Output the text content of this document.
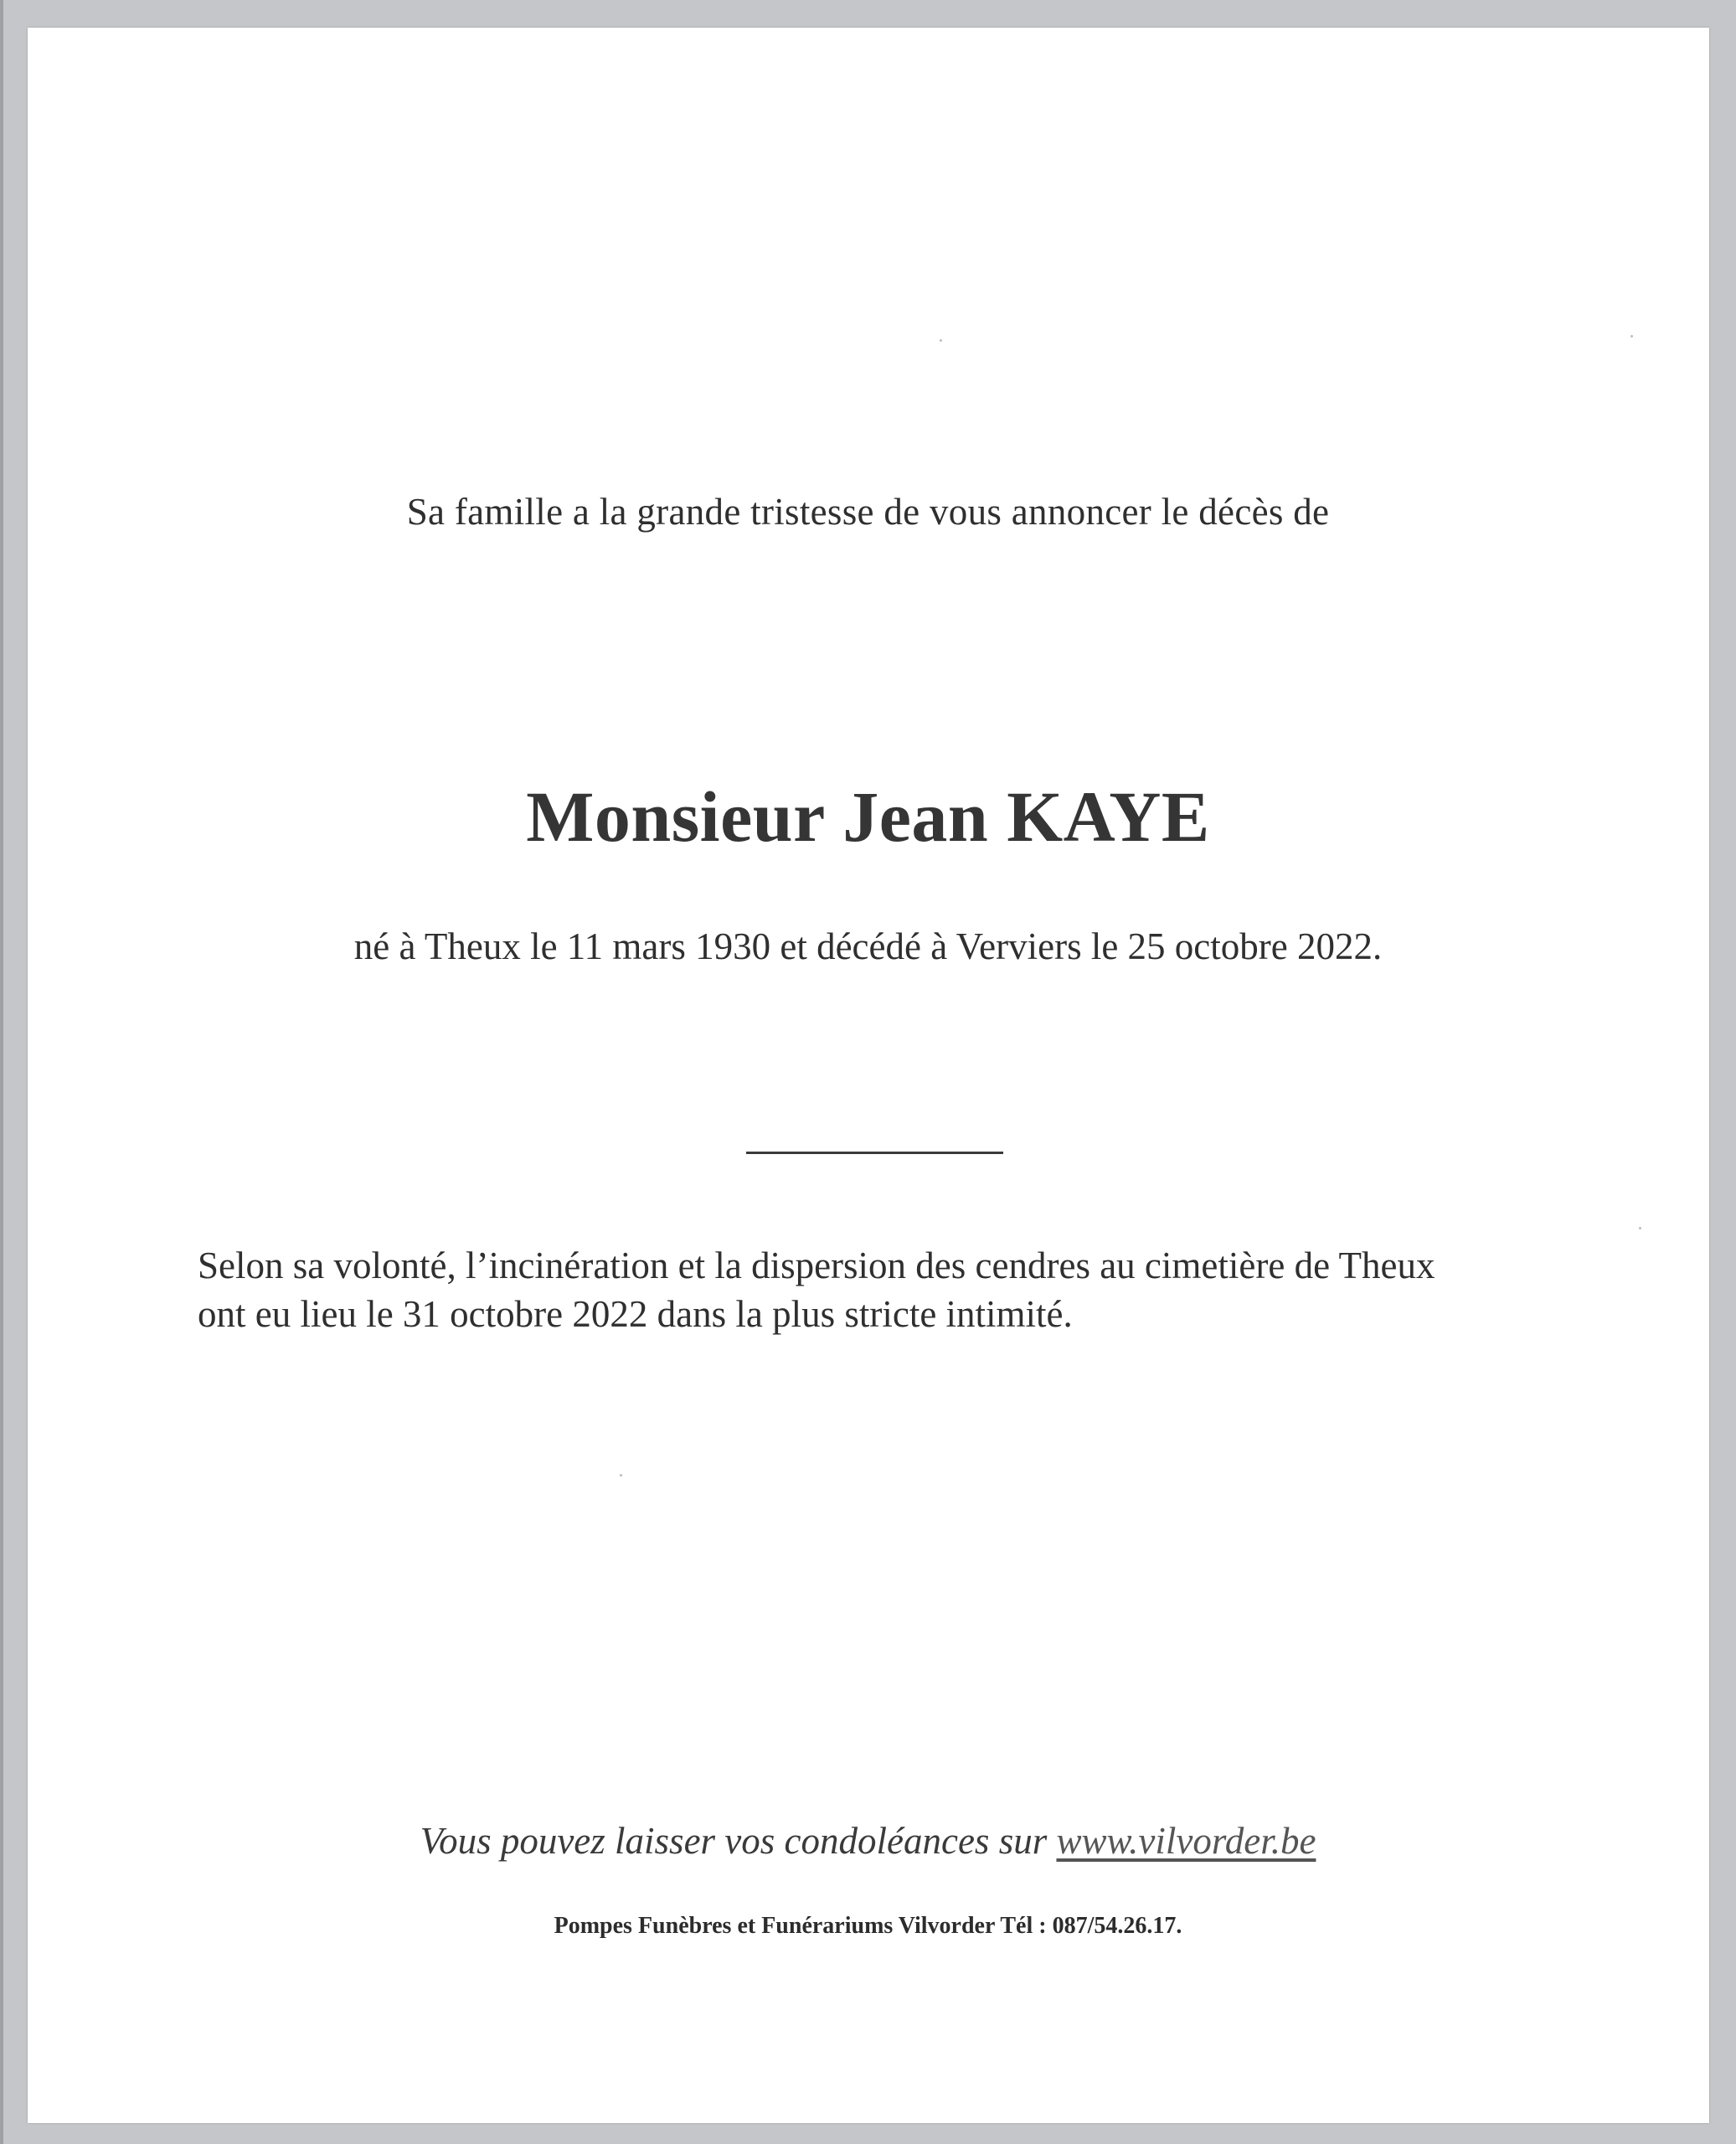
Sa famille a la grande tristesse de vous annoncer le décès de

Monsieur Jean KAYE

né à Theux le 11 mars 1930 et décédé à Verviers le 25 octobre 2022.

Selon sa volonté, l’incinération et la dispersion des cendres au cimetière de Theux
ont eu lieu le 31 octobre 2022 dans la plus stricte intimité.

Vous pouvez laisser vos condoléances sur www.vilvorder.be

Pompes Funèbres et Funérariums Vilvorder Tél : 087/54.26.17.
